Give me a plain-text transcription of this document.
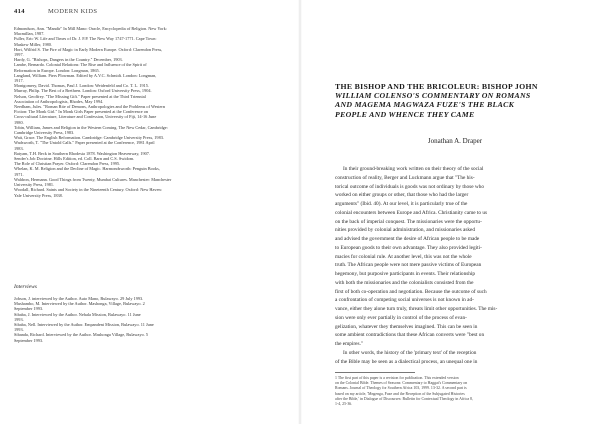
414	MODERN KIDS

Edmondson, Ann. "Mandir" In Mill Mano: Oracle, Encyclopedia of Religion. New York:

Macmillan, 1987.

Fuller, Eric W. Life and Times of Dr. J. F.P. The New Way 1747-1771. Cape Town:

Maskew Miller, 1980.

Hort, Wilfrid S. The Fire of Magic in Early Modern Europe. Oxford: Clarendon Press,

1997.

Hardy, G. "Bishops, Dangers in the Country." December, 1903.

Lambe, Bernardo. Colonial Relations: The Rise and Influence of the Spirit of

Reformation in Europe. London: Longman, 1865.

Langland, William. Piers Plowman. Edited by A.V.C. Schmidt. London: Longman,

1917.

Montgomery, David. Thomas, Paul J. London: Weidenfeld and Co. T. L. 1915.

Murray, Philip. The Best of a Brethren. London: Oxford University Press, 1904.

Nelson, Geoffrey. "The Missing Gift." Paper presented at the Third Triennial

Association of Anthropologists, Rhodes, May 1994.

Needham, Jules. "Roman Rite of Demons, Anthropologies and the Problems of Western

Fiction: The Monk Girl." In Monk Girls Paper presented at the Conference on

Cross-cultural Literature, Literature and Confession, University of Fiji, 14-16 June

1980.

Tobin, William, James and Religion in the Western Coming. The New Cedar, Cambridge:

Cambridge University Press, 1983.

Wait, Grace. The English Reformation. Cambridge: Cambridge University Press, 1983.

Wadsworth, T. "The Untold Calls." Paper presented at the Conference, 1981 April

1983.

Batyam, T.H. Beck in Southern Rhodesia 1878. Washington Heavenway, 1907.

Sender's Job Doctrine. Hills Edition, ed. Coll. Barn and C.S. Swidom.

The Role of Christian Prayer. Oxford: Clarendon Press, 1995.

Whelan, K. M. Religion and the Decline of Magic. Harmondsworth: Penguin Books,

1971.

Waldron, Hermann. Good Things from Twenty, Mumbai Cultures. Manchester: Manchester

University Press, 1981.

Woodall, Richard. Saints and Society in the Nineteenth Century. Oxford: New Haven:

Yale University Press, 1838.

Interviews

Jobson, J. interviewed by the Author. Auto Mano, Bulawayo. 29 July 1993.

Mushambo, M. Interviewed by the Author. Mashonga, Village, Bulawayo. 2

September 1993.

Sibaba, J. Interviewed by the Author. Nehala Mission, Bulawayo. 11 June

1993.

Sibaba, Nell. Interviewed by the Author. Empandeni Mission, Bulawayo. 11 June

1993.

Sibanda, Richard. Interviewed by the Author. Mashonga Village, Bulawayo. 5

September 1993.

THE BISHOP AND THE BRICOLEUR: BISHOP JOHN
WILLIAM COLENSO'S COMMENTARY ON ROMANS
AND MAGEMA MAGWAZA FUZE'S THE BLACK
PEOPLE AND WHENCE THEY CAME

Jonathan A. Draper

In their ground-breaking work written on their theory of the social

construction of reality, Berger and Luckmann argue that "The his-

torical outcome of individuals is goods was not ordinary by those who

worked on either groups or other, that those who had the larger

arguments" (Ibid. 40). At our level, it is particularly true of the

colonial encounters between Europe and Africa. Christianity came to us

on the back of imperial conquest. The missionaries were the opportu-

nities provided by colonial administration, and missionaries asked

and advised the government the desire of African people to be made

to European goods to their own advantage. They also provided legiti-

macies for colonial rule. At another level, this was not the whole

truth. The African people were not mere passive victims of European

hegemony, but purposive participants in events. Their relationship

with both the missionaries and the colonialists consisted from the

first of both co-operation and negotiation. Because the outcome of such

a confrontation of competing social universes is not known in ad-

vance, either they alone turn truly, threats limit other opportunities. The mis-

sion were only ever partially in control of the process of evan-

gelization, whatever they themselves imagined. This can be seen in

some ambient contradictions that these African converts were "best on

the empires."

In other words, the history of the 'primary text' of the reception

of the Bible may be seen as a dialectical process, an unequal one in

1 The first part of this paper is a revision for publication. This extended version

on the Colonial Bible. Themes of Seasons: Commentary to Haggai's Commentary on

Romans. Journal of Theology for Southern Africa 103, 1999. 13-32. A second part is

based on my article, 'Mngenga, Fuze and the Reception of the Subjugated Histories

after the Bible,' in Dialogue of Discourses: Bulletin for Contextual Theology in Africa 8,

1-4, 25-36.
